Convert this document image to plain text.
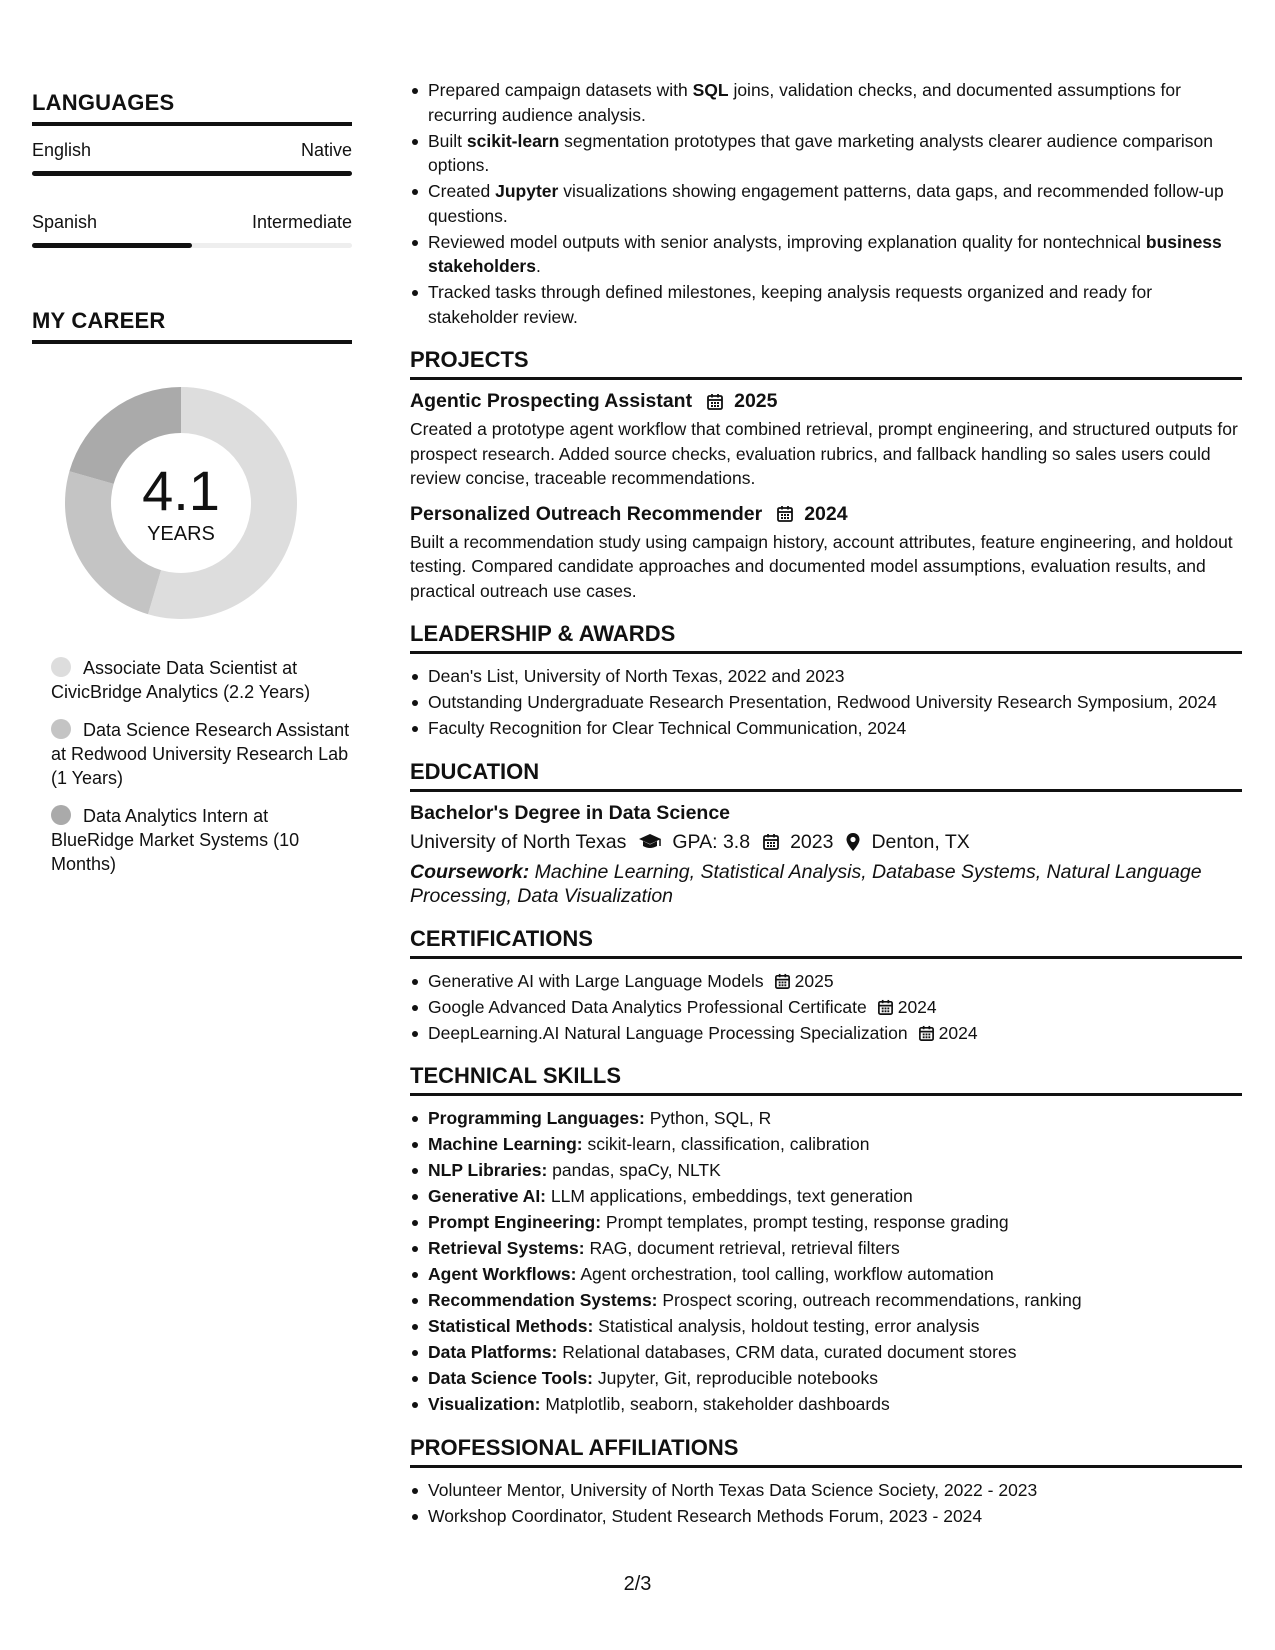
LANGUAGES
English	Native
Spanish	Intermediate
MY CAREER
4.1
YEARS
Associate Data Scientist at CivicBridge Analytics (2.2 Years)
Data Science Research Assistant at Redwood University Research Lab (1 Years)
Data Analytics Intern at BlueRidge Market Systems (10 Months)
Prepared campaign datasets with SQL joins, validation checks, and documented assumptions for recurring audience analysis.
Built scikit-learn segmentation prototypes that gave marketing analysts clearer audience comparison options.
Created Jupyter visualizations showing engagement patterns, data gaps, and recommended follow-up questions.
Reviewed model outputs with senior analysts, improving explanation quality for nontechnical business stakeholders.
Tracked tasks through defined milestones, keeping analysis requests organized and ready for stakeholder review.
PROJECTS
Agentic Prospecting Assistant 2025
Created a prototype agent workflow that combined retrieval, prompt engineering, and structured outputs for prospect research. Added source checks, evaluation rubrics, and fallback handling so sales users could review concise, traceable recommendations.
Personalized Outreach Recommender 2024
Built a recommendation study using campaign history, account attributes, feature engineering, and holdout testing. Compared candidate approaches and documented model assumptions, evaluation results, and practical outreach use cases.
LEADERSHIP & AWARDS
Dean's List, University of North Texas, 2022 and 2023
Outstanding Undergraduate Research Presentation, Redwood University Research Symposium, 2024
Faculty Recognition for Clear Technical Communication, 2024
EDUCATION
Bachelor's Degree in Data Science
University of North Texas GPA: 3.8 2023 Denton, TX
Coursework: Machine Learning, Statistical Analysis, Database Systems, Natural Language Processing, Data Visualization
CERTIFICATIONS
Generative AI with Large Language Models 2025
Google Advanced Data Analytics Professional Certificate 2024
DeepLearning.AI Natural Language Processing Specialization 2024
TECHNICAL SKILLS
Programming Languages: Python, SQL, R
Machine Learning: scikit-learn, classification, calibration
NLP Libraries: pandas, spaCy, NLTK
Generative AI: LLM applications, embeddings, text generation
Prompt Engineering: Prompt templates, prompt testing, response grading
Retrieval Systems: RAG, document retrieval, retrieval filters
Agent Workflows: Agent orchestration, tool calling, workflow automation
Recommendation Systems: Prospect scoring, outreach recommendations, ranking
Statistical Methods: Statistical analysis, holdout testing, error analysis
Data Platforms: Relational databases, CRM data, curated document stores
Data Science Tools: Jupyter, Git, reproducible notebooks
Visualization: Matplotlib, seaborn, stakeholder dashboards
PROFESSIONAL AFFILIATIONS
Volunteer Mentor, University of North Texas Data Science Society, 2022 - 2023
Workshop Coordinator, Student Research Methods Forum, 2023 - 2024
2/3
